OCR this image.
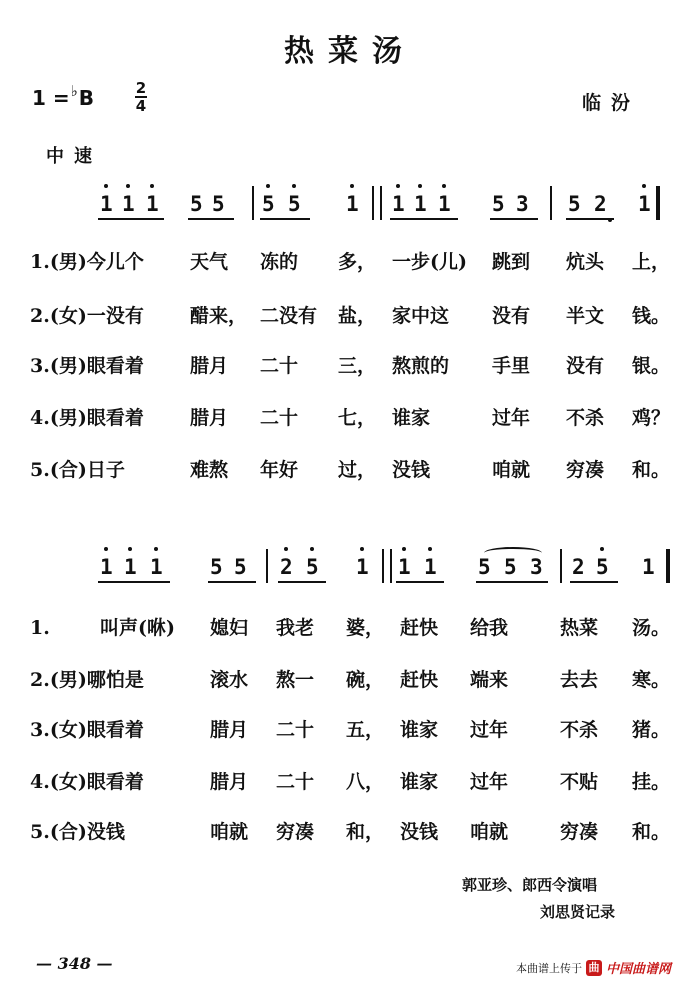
热菜汤
1 =♭B	2
4	临汾
中速
1 1 1 5 5 5 5 1 1 1 1 5 3 5 2 1
1.(男)今儿个 天气 冻的 多， 一步(儿) 跳到 炕头 上，
2.(女)一没有 醋来， 二没有 盐， 家中这 没有 半文 钱。
3.(男)眼看着 腊月 二十 三， 熬煎的 手里 没有 银。
4.(男)眼看着 腊月 二十 七， 谁家	过年 不杀 鸡？
5.(合)日子	难熬 年好 过， 没钱	咱就 穷凑 和。
1 1 1 5 5 2 5 1 1 1 5 5 3 2 5 1
1.	叫声(咻) 媳妇 我老 婆， 赶快 给我	热菜 汤。
2.(男)哪怕是	滚水 熬一 碗， 赶快 端来	去去 寒。
3.(女)眼看着	腊月 二十 五， 谁家 过年	不杀 猪。
4.(女)眼看着	腊月 二十 八， 谁家 过年	不贴 挂。
5.(合)没钱	咱就 穷凑 和， 没钱 咱就	穷凑 和。
郭亚珍、郎西令演唱
刘思贤记录
— 348 —	本曲谱上传于 曲 中国曲谱网
